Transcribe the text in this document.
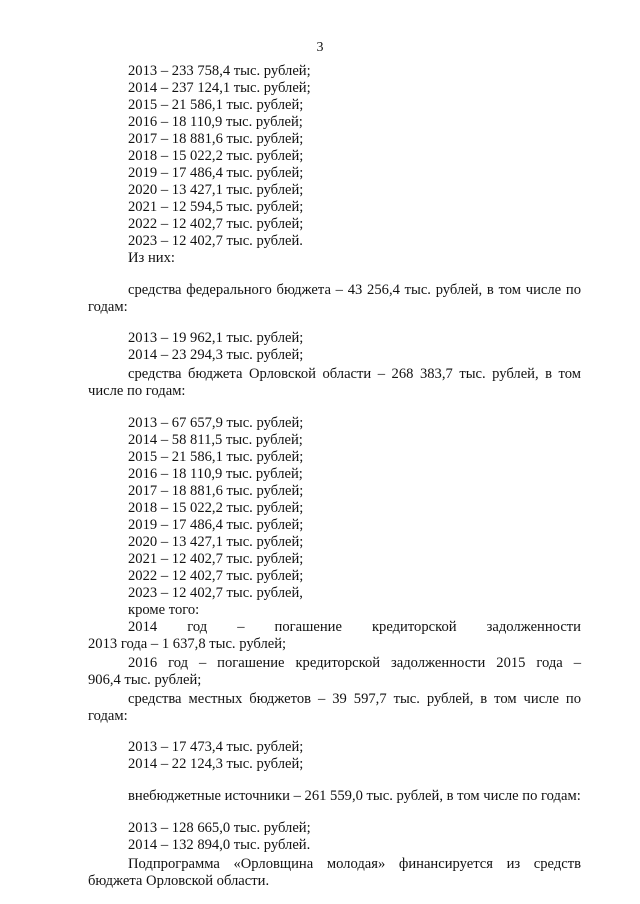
3

2013 – 233 758,4 тыс. рублей;

2014 – 237 124,1 тыс. рублей;

2015 – 21 586,1 тыс. рублей;

2016 – 18 110,9 тыс. рублей;

2017 – 18 881,6 тыс. рублей;

2018 – 15 022,2 тыс. рублей;

2019 – 17 486,4 тыс. рублей;

2020 – 13 427,1 тыс. рублей;

2021 – 12 594,5 тыс. рублей;

2022 – 12 402,7 тыс. рублей;

2023 – 12 402,7 тыс. рублей.

Из них:

средства федерального бюджета – 43 256,4 тыс. рублей, в том числе по годам:

2013 – 19 962,1 тыс. рублей;

2014 – 23 294,3 тыс. рублей;

средства бюджета Орловской области – 268 383,7 тыс. рублей, в том числе по годам:

2013 – 67 657,9 тыс. рублей;

2014 – 58 811,5 тыс. рублей;

2015 – 21 586,1 тыс. рублей;

2016 – 18 110,9 тыс. рублей;

2017 – 18 881,6 тыс. рублей;

2018 – 15 022,2 тыс. рублей;

2019 – 17 486,4 тыс. рублей;

2020 – 13 427,1 тыс. рублей;

2021 – 12 402,7 тыс. рублей;

2022 – 12 402,7 тыс. рублей;

2023 – 12 402,7 тыс. рублей,

кроме того:

2014 год – погашение кредиторской задолженности

2013 года – 1 637,8 тыс. рублей;

2016 год – погашение кредиторской задолженности 2015 года –

906,4 тыс. рублей;

средства местных бюджетов – 39 597,7 тыс. рублей, в том числе по годам:

2013 – 17 473,4 тыс. рублей;

2014 – 22 124,3 тыс. рублей;

внебюджетные источники – 261 559,0 тыс. рублей, в том числе по годам:

2013 – 128 665,0 тыс. рублей;

2014 – 132 894,0 тыс. рублей.

Подпрограмма «Орловщина молодая» финансируется из средств бюджета Орловской области.
